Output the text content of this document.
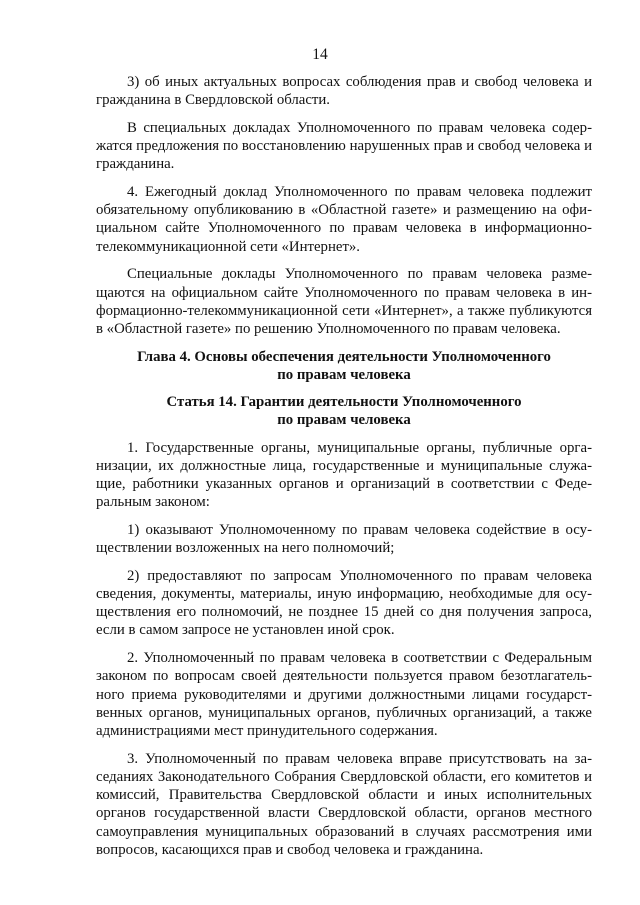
14

3) об иных актуальных вопросах соблюдения прав и свобод человека и гражданина в Свердловской области.

В специальных докладах Уполномоченного по правам человека содержатся предложения по восстановлению нарушенных прав и свобод человека и гражданина.

4. Ежегодный доклад Уполномоченного по правам человека подлежит обязательному опубликованию в «Областной газете» и размещению на официальном сайте Уполномоченного по правам человека в информационно-телекоммуникационной сети «Интернет».

Специальные доклады Уполномоченного по правам человека размещаются на официальном сайте Уполномоченного по правам человека в информационно-телекоммуникационной сети «Интернет», а также публикуются в «Областной газете» по решению Уполномоченного по правам человека.

Глава 4. Основы обеспечения деятельности Уполномоченного
по правам человека
Статья 14. Гарантии деятельности Уполномоченного
по правам человека

1. Государственные органы, муниципальные органы, публичные организации, их должностные лица, государственные и муниципальные служащие, работники указанных органов и организаций в соответствии с Федеральным законом:

1) оказывают Уполномоченному по правам человека содействие в осуществлении возложенных на него полномочий;

2) предоставляют по запросам Уполномоченного по правам человека сведения, документы, материалы, иную информацию, необходимые для осуществления его полномочий, не позднее 15 дней со дня получения запроса, если в самом запросе не установлен иной срок.

2. Уполномоченный по правам человека в соответствии с Федеральным законом по вопросам своей деятельности пользуется правом безотлагательного приема руководителями и другими должностными лицами государственных органов, муниципальных органов, публичных организаций, а также администрациями мест принудительного содержания.

3. Уполномоченный по правам человека вправе присутствовать на заседаниях Законодательного Собрания Свердловской области, его комитетов и комиссий, Правительства Свердловской области и иных исполнительных органов государственной власти Свердловской области, органов местного самоуправления муниципальных образований в случаях рассмотрения ими вопросов, касающихся прав и свобод человека и гражданина.
